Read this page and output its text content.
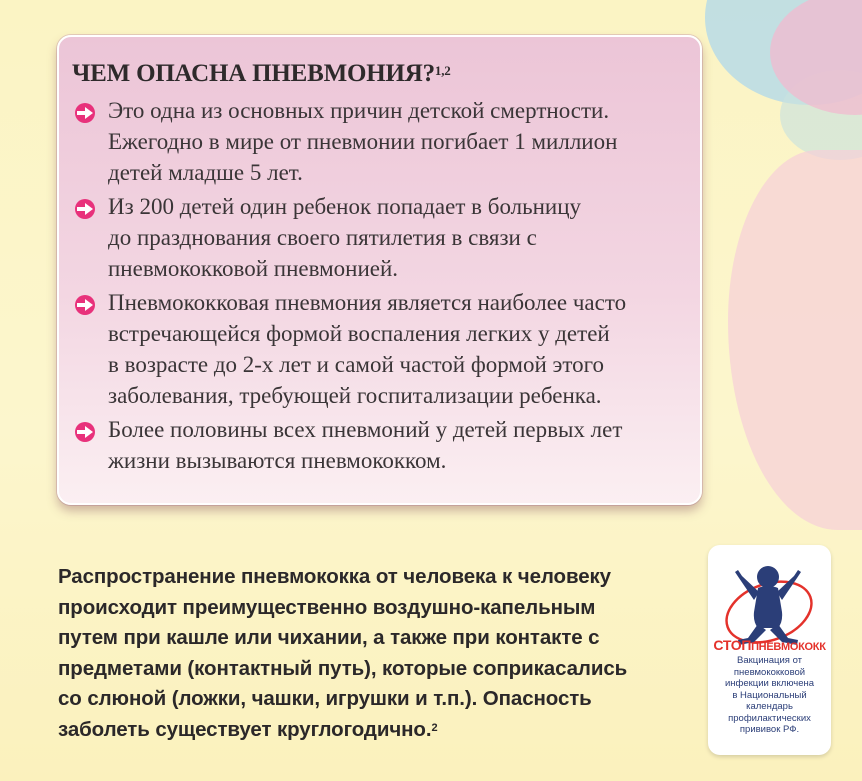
ЧЕМ ОПАСНА ПНЕВМОНИЯ?$^{1,2}$
Это одна из основных причин детской смертности.
Ежегодно в мире от пневмонии погибает 1 миллион
детей младше 5 лет.
Из 200 детей один ребенок попадает в больницу
до празднования своего пятилетия в связи с
пневмококковой пневмонией.
Пневмококковая пневмония является наиболее часто
встречающейся формой воспаления легких у детей
в возрасте до 2-х лет и самой частой формой этого
заболевания, требующей госпитализации ребенка.
Более половины всех пневмоний у детей первых лет
жизни вызываются пневмококком.

Распространение пневмококка от человека к человеку
происходит преимущественно воздушно-капельным
путем при кашле или чихании, а также при контакте с
предметами (контактный путь), которые соприкасались
со слюной (ложки, чашки, игрушки и т.п.). Опасность
заболеть существует круглогодично.$^2$

СТОППНЕВМОКОКК
Вакцинация от
пневмококковой
инфекции включена
в Национальный
календарь
профилактических
прививок РФ.
